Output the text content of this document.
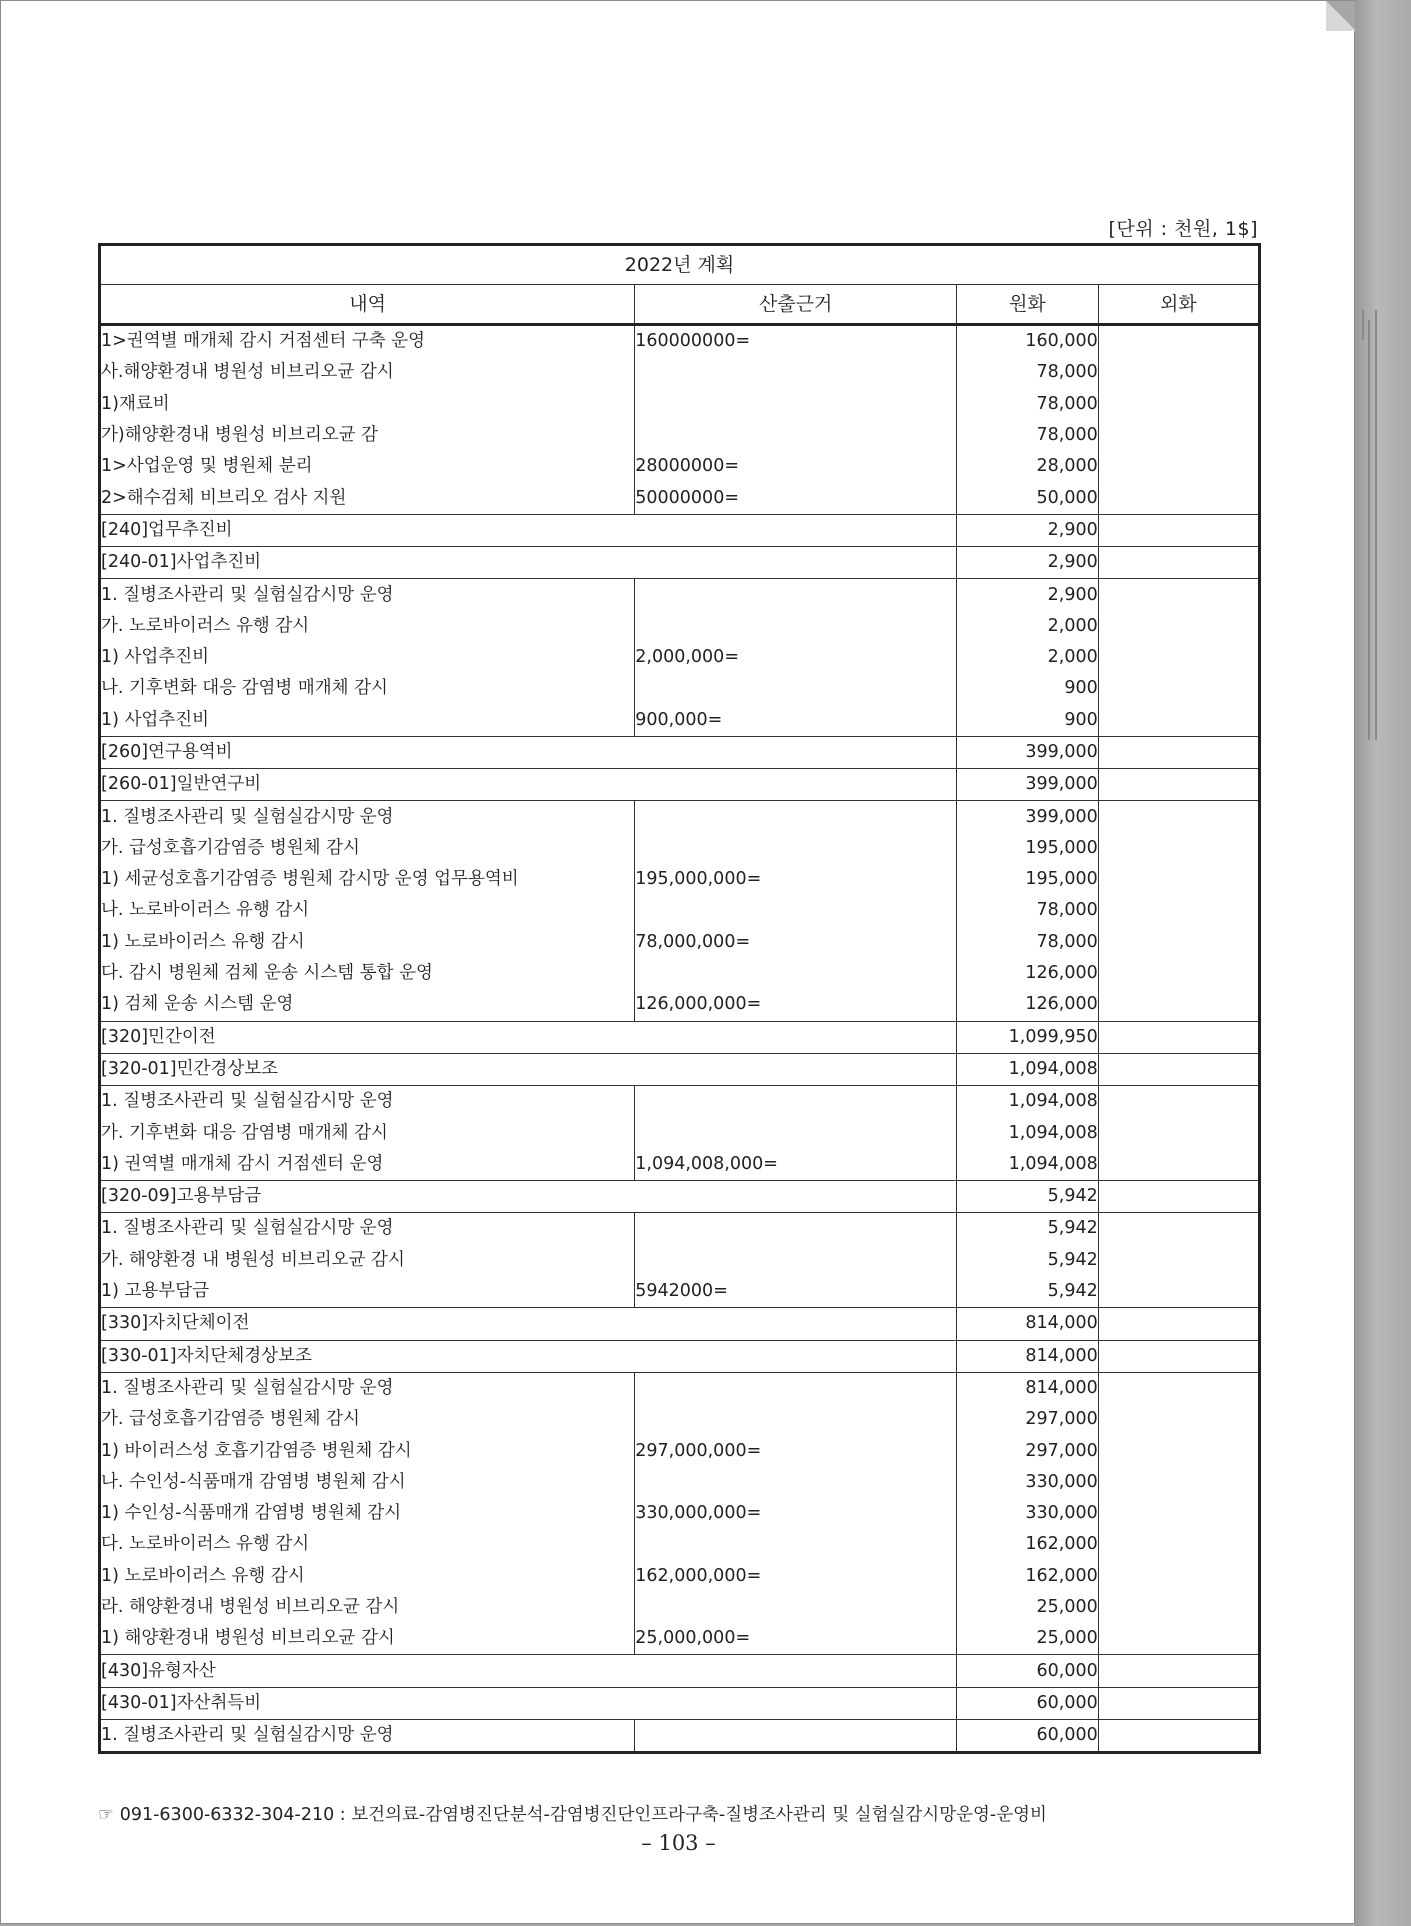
[단위 : 천원, 1$]
2022년 계획			
내역	산출근거	원화	외화
1>권역별 매개체 감시 거점센터 구축 운영	160000000=	160,000	
사.해양환경내 병원성 비브리오균 감시		78,000	
1)재료비		78,000	
가)해양환경내 병원성 비브리오균 감		78,000	
1>사업운영 및 병원체 분리	28000000=	28,000	
2>해수검체 비브리오 검사 지원	50000000=	50,000	
[240]업무추진비		2,900	
[240-01]사업추진비		2,900	
1. 질병조사관리 및 실험실감시망 운영		2,900	
가. 노로바이러스 유행 감시		2,000	
1) 사업추진비	2,000,000=	2,000	
나. 기후변화 대응 감염병 매개체 감시		900	
1) 사업추진비	900,000=	900	
[260]연구용역비		399,000	
[260-01]일반연구비		399,000	
1. 질병조사관리 및 실험실감시망 운영		399,000	
가. 급성호흡기감염증 병원체 감시		195,000	
1) 세균성호흡기감염증 병원체 감시망 운영 업무용역비	195,000,000=	195,000	
나. 노로바이러스 유행 감시		78,000	
1) 노로바이러스 유행 감시	78,000,000=	78,000	
다. 감시 병원체 검체 운송 시스템 통합 운영		126,000	
1) 검체 운송 시스템 운영	126,000,000=	126,000	
[320]민간이전		1,099,950	
[320-01]민간경상보조		1,094,008	
1. 질병조사관리 및 실험실감시망 운영		1,094,008	
가. 기후변화 대응 감염병 매개체 감시		1,094,008	
1) 권역별 매개체 감시 거점센터 운영	1,094,008,000=	1,094,008	
[320-09]고용부담금		5,942	
1. 질병조사관리 및 실험실감시망 운영		5,942	
가. 해양환경 내 병원성 비브리오균 감시		5,942	
1) 고용부담금	5942000=	5,942	
[330]자치단체이전		814,000	
[330-01]자치단체경상보조		814,000	
1. 질병조사관리 및 실험실감시망 운영		814,000	
가. 급성호흡기감염증 병원체 감시		297,000	
1) 바이러스성 호흡기감염증 병원체 감시	297,000,000=	297,000	
나. 수인성-식품매개 감염병 병원체 감시		330,000	
1) 수인성-식품매개 감염병 병원체 감시	330,000,000=	330,000	
다. 노로바이러스 유행 감시		162,000	
1) 노로바이러스 유행 감시	162,000,000=	162,000	
라. 해양환경내 병원성 비브리오균 감시		25,000	
1) 해양환경내 병원성 비브리오균 감시	25,000,000=	25,000	
[430]유형자산		60,000	
[430-01]자산취득비		60,000	
1. 질병조사관리 및 실험실감시망 운영		60,000	
☞ 091-6300-6332-304-210 : 보건의료-감염병진단분석-감염병진단인프라구축-질병조사관리 및 실험실감시망운영-운영비
– 103 –
